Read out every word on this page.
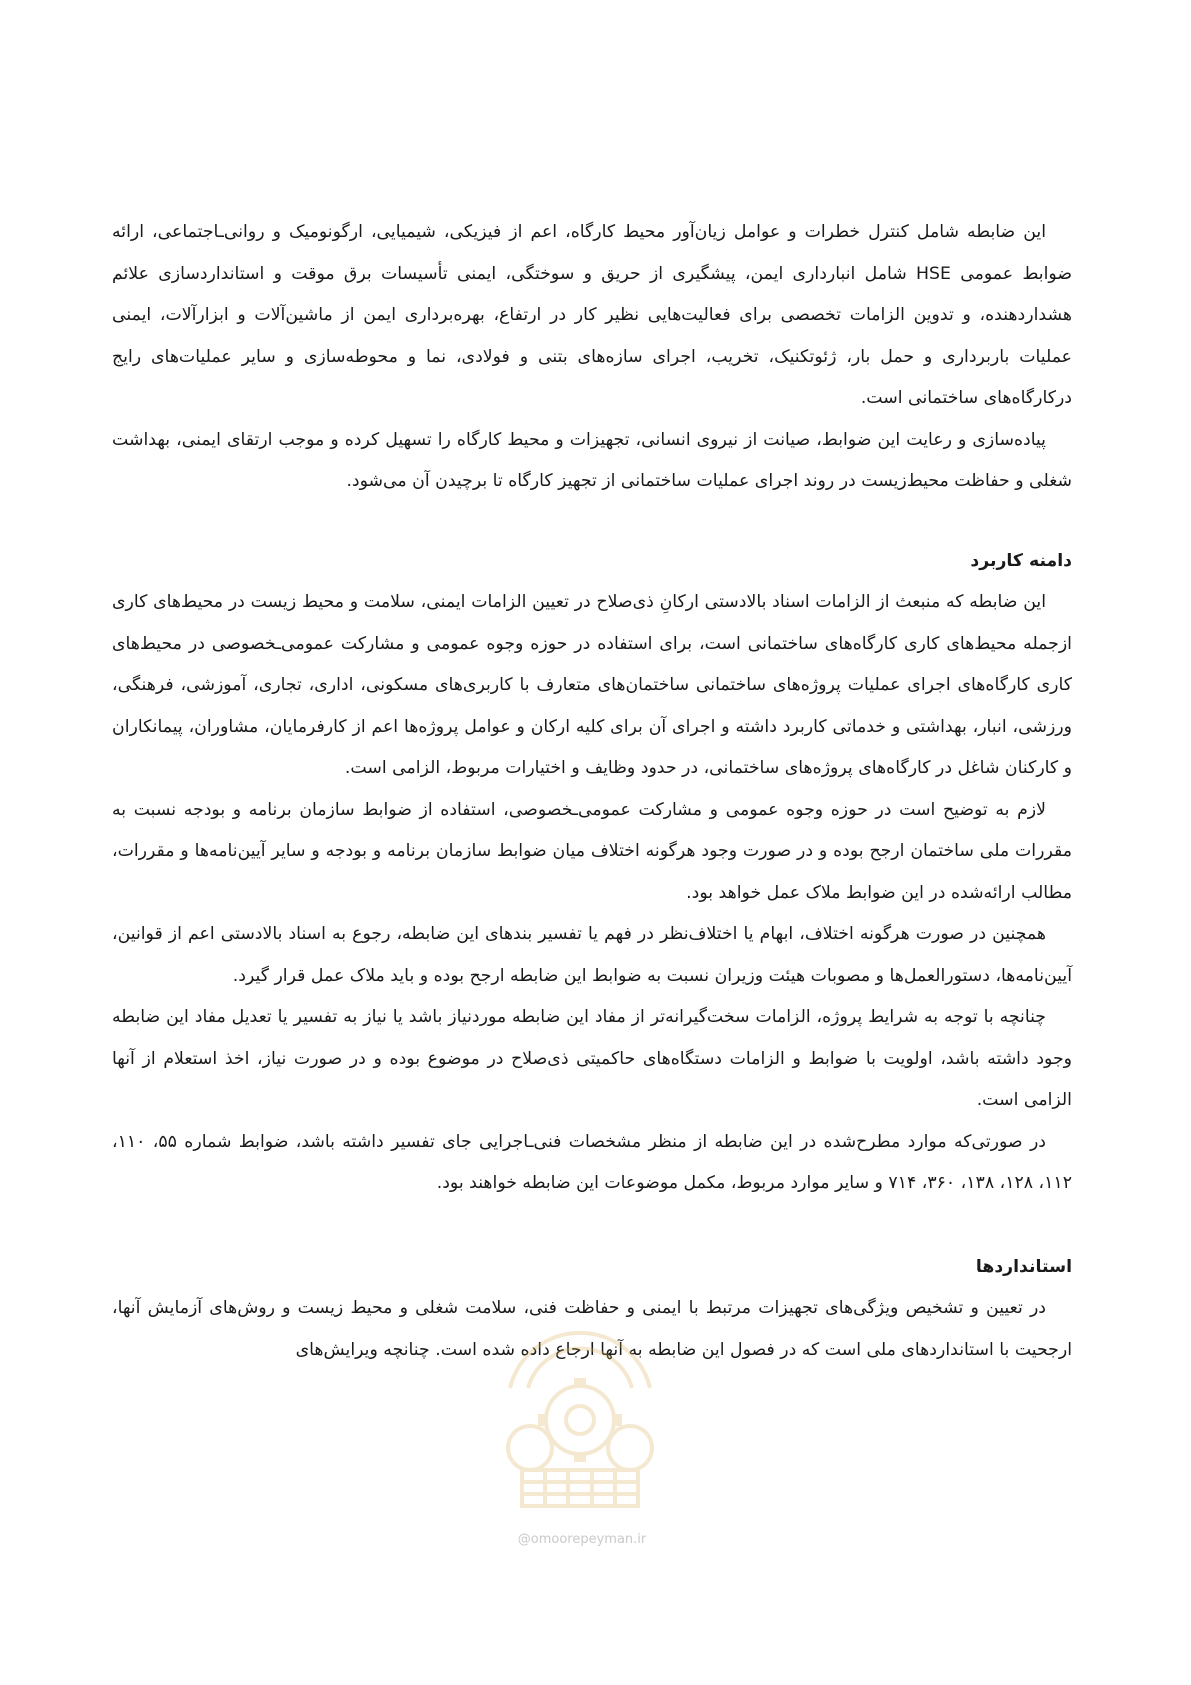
این ضابطه شامل کنترل خطرات و عوامل زیان‌آور محیط کارگاه، اعم از فیزیکی، شیمیایی، ارگونومیک و روانی‌ـاجتماعی، ارائه ضوابط عمومی HSE شامل انبارداری ایمن، پیشگیری از حریق و سوختگی، ایمنی تأسیسات برق موقت و استانداردسازی علائم هشداردهنده، و تدوین الزامات تخصصی برای فعالیت‌هایی نظیر کار در ارتفاع، بهره‌برداری ایمن از ماشین‌آلات و ابزارآلات، ایمنی عملیات باربرداری و حمل بار، ژئوتکنیک، تخریب، اجرای سازه‌های بتنی و فولادی، نما و محوطه‌سازی و سایر عملیات‌های رایج درکارگاه‌های ساختمانی است.

پیاده‌سازی و رعایت این ضوابط، صیانت از نیروی انسانی، تجهیزات و محیط کارگاه را تسهیل کرده و موجب ارتقای ایمنی، بهداشت شغلی و حفاظت محیط‌زیست در روند اجرای عملیات ساختمانی از تجهیز کارگاه تا برچیدن آن می‌شود.

دامنه کاربرد

این ضابطه که منبعث از الزامات اسناد بالادستی ارکانِ ذی‌صلاح در تعیین الزامات ایمنی، سلامت و محیط زیست در محیط‌های کاری ازجمله محیط‌های کاری کارگاه‌های ساختمانی است، برای استفاده در حوزه وجوه عمومی و مشارکت عمومی‌ـخصوصی در محیط‌های کاری کارگاه‌های اجرای عملیات پروژه‌های ساختمانی ساختمان‌های متعارف با کاربری‌های مسکونی، اداری، تجاری، آموزشی، فرهنگی، ورزشی، انبار، بهداشتی و خدماتی کاربرد داشته و اجرای آن برای کلیه ارکان و عوامل پروژه‌ها اعم از کارفرمایان، مشاوران، پیمانکاران و کارکنان شاغل در کارگاه‌های پروژه‌های ساختمانی، در حدود وظایف و اختیارات مربوط، الزامی است.

لازم به توضیح است در حوزه وجوه عمومی و مشارکت عمومی‌ـخصوصی، استفاده از ضوابط سازمان برنامه و بودجه نسبت به مقررات ملی ساختمان ارجح بوده و در صورت وجود هرگونه اختلاف میان ضوابط سازمان برنامه و بودجه و سایر آیین‌نامه‌ها و مقررات، مطالب ارائه‌شده در این ضوابط ملاک عمل خواهد بود.

همچنین در صورت هرگونه اختلاف، ابهام یا اختلاف‌نظر در فهم یا تفسیر بندهای این ضابطه، رجوع به اسناد بالادستی اعم از قوانین، آیین‌نامه‌ها، دستورالعمل‌ها و مصوبات هیئت وزیران نسبت به ضوابط این ضابطه ارجح بوده و باید ملاک عمل قرار گیرد.

چنانچه با توجه به شرایط پروژه، الزامات سخت‌گیرانه‌تر از مفاد این ضابطه موردنیاز باشد یا نیاز به تفسیر یا تعدیل مفاد این ضابطه وجود داشته باشد، اولویت با ضوابط و الزامات دستگاه‌های حاکمیتی ذی‌صلاح در موضوع بوده و در صورت نیاز، اخذ استعلام از آنها الزامی است.

در صورتی‌که موارد مطرح‌شده در این ضابطه از منظر مشخصات فنی‌ـاجرایی جای تفسیر داشته باشد، ضوابط شماره ۵۵، ۱۱۰، ۱۱۲، ۱۲۸، ۱۳۸، ۳۶۰، ۷۱۴ و سایر موارد مربوط، مکمل موضوعات این ضابطه خواهند بود.

استانداردها

در تعیین و تشخیص ویژگی‌های تجهیزات مرتبط با ایمنی و حفاظت فنی، سلامت شغلی و محیط زیست و روش‌های آزمایش آنها، ارجحیت با استانداردهای ملی است که در فصول این ضابطه به آنها ارجاع داده شده است. چنانچه ویرایش‌های

@omoorepeyman.ir
